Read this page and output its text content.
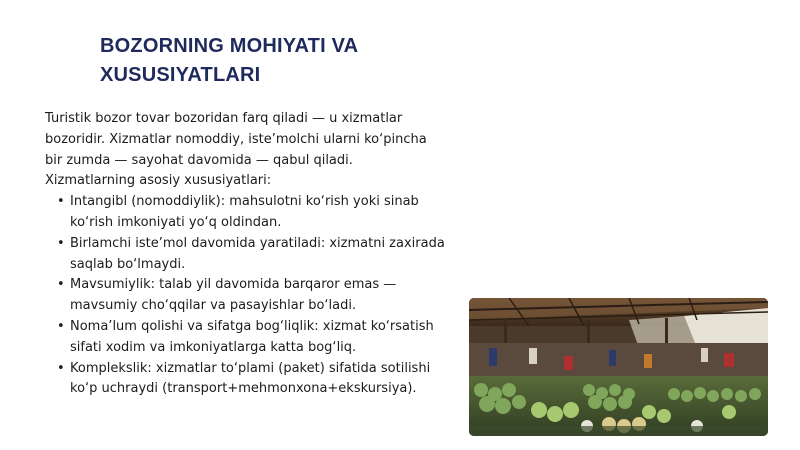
BOZORNING MOHIYATI VA XUSUSIYATLARI

Turistik bozor tovar bozoridan farq qiladi — u xizmatlar bozoridir. Xizmatlar nomoddiy, iste’molchi ularni ko‘pincha bir zumda — sayohat davomida — qabul qiladi. Xizmatlarning asosiy xususiyatlari:

• Intangibl (nomoddiylik): mahsulotni ko‘rish yoki sinab ko‘rish imkoniyati yo‘q oldindan.
• Birlamchi iste’mol davomida yaratiladi: xizmatni zaxirada saqlab bo‘lmaydi.
• Mavsumiylik: talab yil davomida barqaror emas — mavsumiy cho‘qqilar va pasayishlar bo‘ladi.
• Noma’lum qolishi va sifatga bog‘liqlik: xizmat ko‘rsatish sifati xodim va imkoniyatlarga katta bog‘liq.
• Komplekslik: xizmatlar to‘plami (paket) sifatida sotilishi ko‘p uchraydi (transport+mehmonxona+ekskursiya).
